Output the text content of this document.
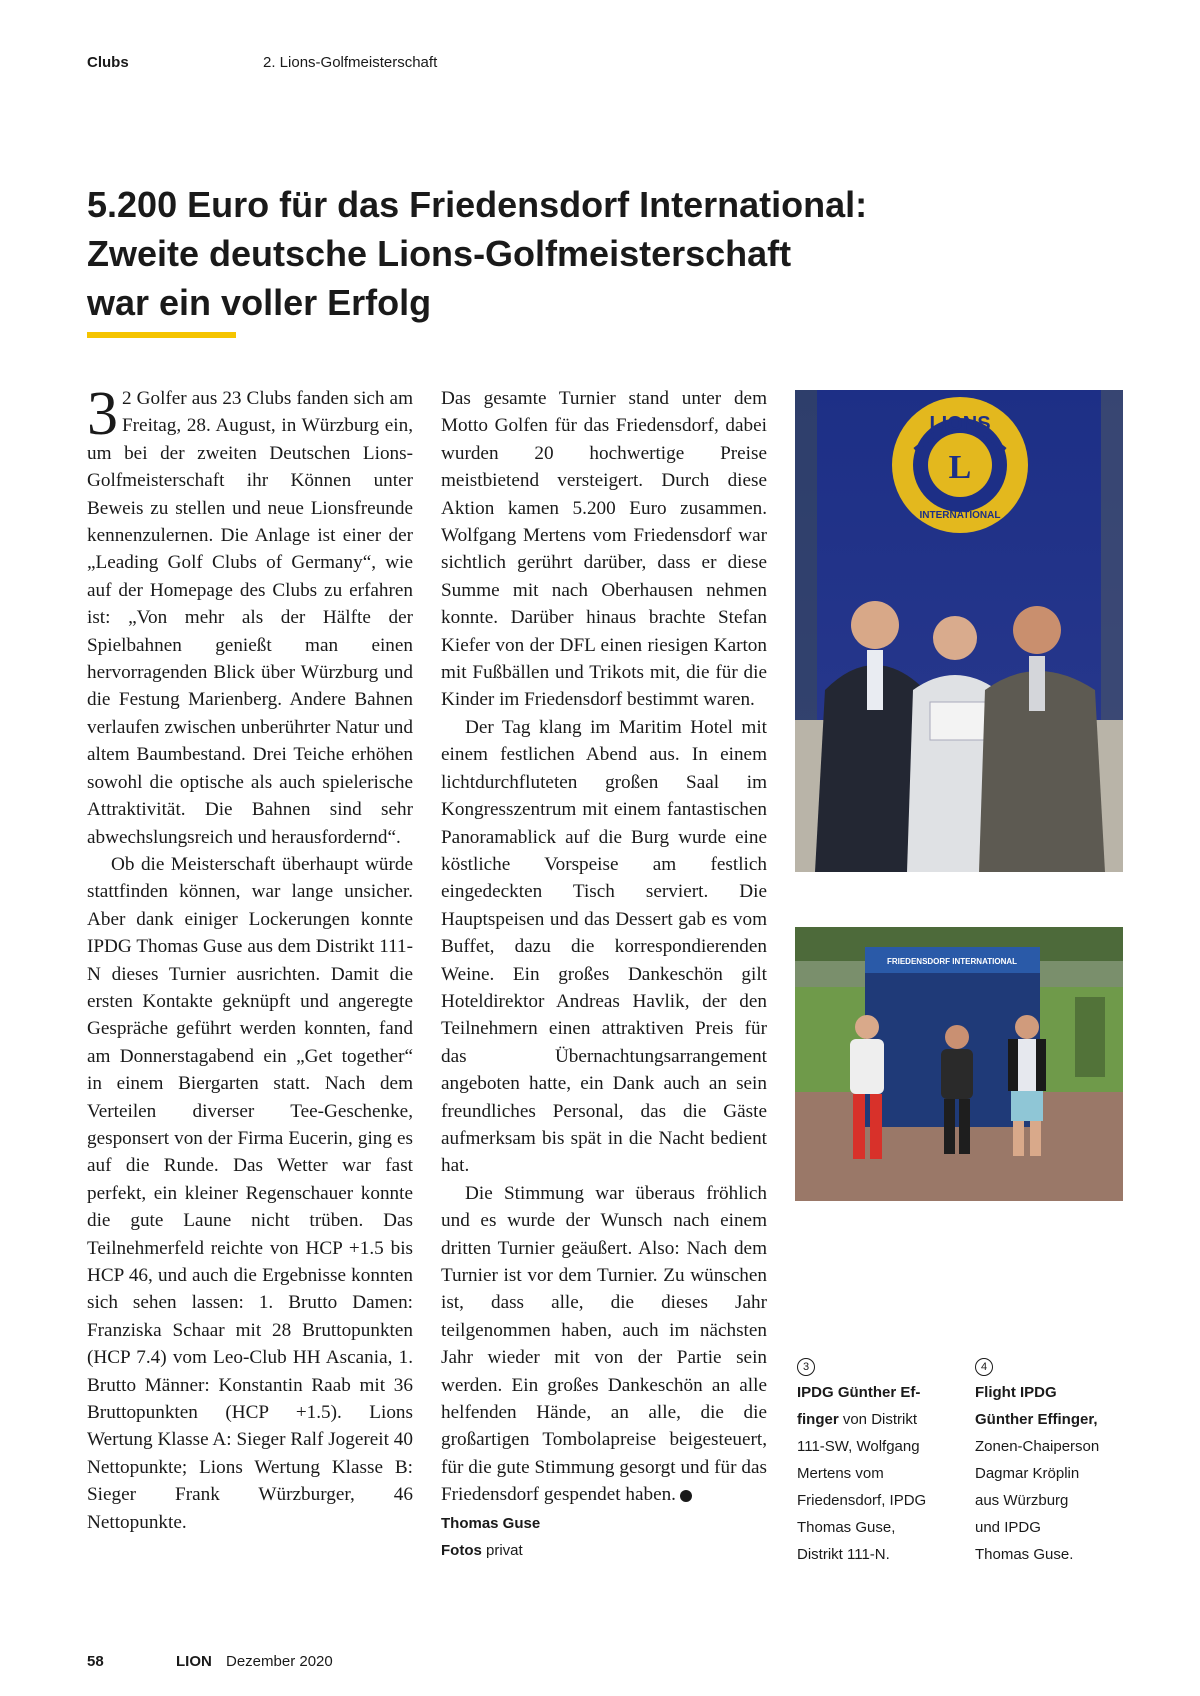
Clubs	2. Lions-Golfmeisterschaft
5.200 Euro für das Friedensdorf International:
Zweite deutsche Lions-Golfmeisterschaft
war ein voller Erfolg

3 2 Golfer aus 23 Clubs fanden sich am Freitag, 28. August, in Würzburg ein, um bei der zweiten Deutschen Lions-Golfmeisterschaft ihr Können unter Beweis zu stellen und neue Lionsfreunde kennenzulernen. Die Anlage ist einer der „Leading Golf Clubs of Germany“, wie auf der Homepage des Clubs zu erfahren ist: „Von mehr als der Hälfte der Spielbahnen genießt man einen hervorragenden Blick über Würzburg und die Festung Marienberg. Andere Bahnen verlaufen zwischen unberührter Natur und altem Baumbestand. Drei Teiche erhöhen sowohl die optische als auch spielerische Attraktivität. Die Bahnen sind sehr abwechslungsreich und herausfordernd“.

Ob die Meisterschaft überhaupt würde stattfinden können, war lange unsicher. Aber dank einiger Lockerungen konnte IPDG Thomas Guse aus dem Distrikt 111-N dieses Turnier ausrichten. Damit die ersten Kontakte geknüpft und angeregte Gespräche geführt werden konnten, fand am Donnerstagabend ein „Get together“ in einem Biergarten statt. Nach dem Verteilen diverser Tee-Geschenke, gesponsert von der Firma Eucerin, ging es auf die Runde. Das Wetter war fast perfekt, ein kleiner Regenschauer konnte die gute Laune nicht trüben. Das Teilnehmerfeld reichte von HCP +1.5 bis HCP 46, und auch die Ergebnisse konnten sich sehen lassen: 1. Brutto Damen: Franziska Schaar mit 28 Bruttopunkten (HCP 7.4) vom Leo-Club HH Ascania, 1. Brutto Männer: Konstantin Raab mit 36 Bruttopunkten (HCP +1.5). Lions Wertung Klasse A: Sieger Ralf Jogereit 40 Nettopunkte; Lions Wertung Klasse B: Sieger Frank Würzburger, 46 Nettopunkte.

Das gesamte Turnier stand unter dem Motto Golfen für das Friedensdorf, dabei wurden 20 hochwertige Preise meistbietend versteigert. Durch diese Aktion kamen 5.200 Euro zusammen. Wolfgang Mertens vom Friedensdorf war sichtlich gerührt darüber, dass er diese Summe mit nach Oberhausen nehmen konnte. Darüber hinaus brachte Stefan Kiefer von der DFL einen riesigen Karton mit Fußbällen und Trikots mit, die für die Kinder im Friedensdorf bestimmt waren.

Der Tag klang im Maritim Hotel mit einem festlichen Abend aus. In einem lichtdurchfluteten großen Saal im Kongresszentrum mit einem fantastischen Panoramablick auf die Burg wurde eine köstliche Vorspeise am festlich eingedeckten Tisch serviert. Die Hauptspeisen und das Dessert gab es vom Buffet, dazu die korrespondierenden Weine. Ein großes Dankeschön gilt Hoteldirektor Andreas Havlik, der den Teilnehmern einen attraktiven Preis für das Übernachtungsarrangement angeboten hatte, ein Dank auch an sein freundliches Personal, das die Gäste aufmerksam bis spät in die Nacht bedient hat.

Die Stimmung war überaus fröhlich und es wurde der Wunsch nach einem dritten Turnier geäußert. Also: Nach dem Turnier ist vor dem Turnier. Zu wünschen ist, dass alle, die dieses Jahr teilgenommen haben, auch im nächsten Jahr wieder mit von der Partie sein werden. Ein großes Dankeschön an alle helfenden Hände, an alle, die die großartigen Tombolapreise beigesteuert, für die gute Stimmung gesorgt und für das Friedensdorf gespendet haben.	L

Thomas Guse
Fotos privat
LIONS
L
INTERNATIONAL
FRIEDENSDORF INTERNATIONAL
3
IPDG Günther Ef-
finger von Distrikt
111-SW, Wolfgang
Mertens vom
Friedensdorf, IPDG
Thomas Guse,
Distrikt 111-N.
4
Flight IPDG
Günther Effinger,
Zonen-Chaiperson
Dagmar Kröplin
aus Würzburg
und IPDG
Thomas Guse.
58	LION Dezember 2020
